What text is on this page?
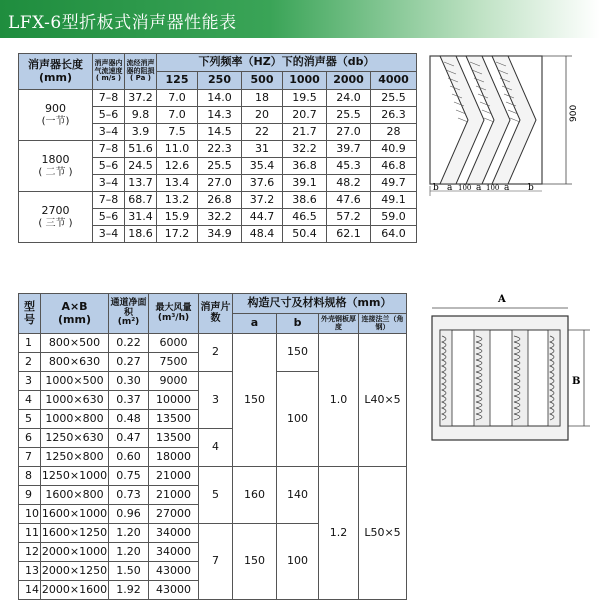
LFX-6型折板式消声器性能表
消声器长度
(mm)	消声器内气流速度
( m/s )	流经消声器的阻损
( Pa )	下列频率（HZ）下的消声器（db）					
			125	250	500	1000	2000	4000
900
(一节)	7–8	37.2	7.0	14.0	18	19.5	24.0	25.5
	5–6	9.8	7.0	14.3	20	20.7	25.5	26.3
	3–4	3.9	7.5	14.5	22	21.7	27.0	28
1800
( 二节 )	7–8	51.6	11.0	22.3	31	32.2	39.7	40.9
	5–6	24.5	12.6	25.5	35.4	36.8	45.3	46.8
	3–4	13.7	13.4	27.0	37.6	39.1	48.2	49.7
2700
( 三节 )	7–8	68.7	13.2	26.8	37.2	38.6	47.6	49.1
	5–6	31.4	15.9	32.2	44.7	46.5	57.2	59.0
	3–4	18.6	17.2	34.9	48.4	50.4	62.1	64.0
型号	A×B
(mm)	通道净面积
(m²)	最大风量
(m³/h)	消声片数	构造尺寸及材料规格（mm）			
					a	b	外壳钢板厚度	连接法兰（角钢）
1	800×500	0.22	6000	2	150	150	1.0	L40×5
2	800×630	0.27	7500					
3	1000×500	0.30	9000	3		100		
4	1000×630	0.37	10000					
5	1000×800	0.48	13500					
6	1250×630	0.47	13500	4				
7	1250×800	0.60	18000					
8	1250×1000	0.75	21000	5	160	140	1.2	L50×5
9	1600×800	0.73	21000					
10	1600×1000	0.96	27000					
11	1600×1250	1.20	34000	7	150	100		
12	2000×1000	1.20	34000					
13	2000×1250	1.50	43000					
14	2000×1600	1.92	43000					
900
b a 100 a 100 a b
A
B
